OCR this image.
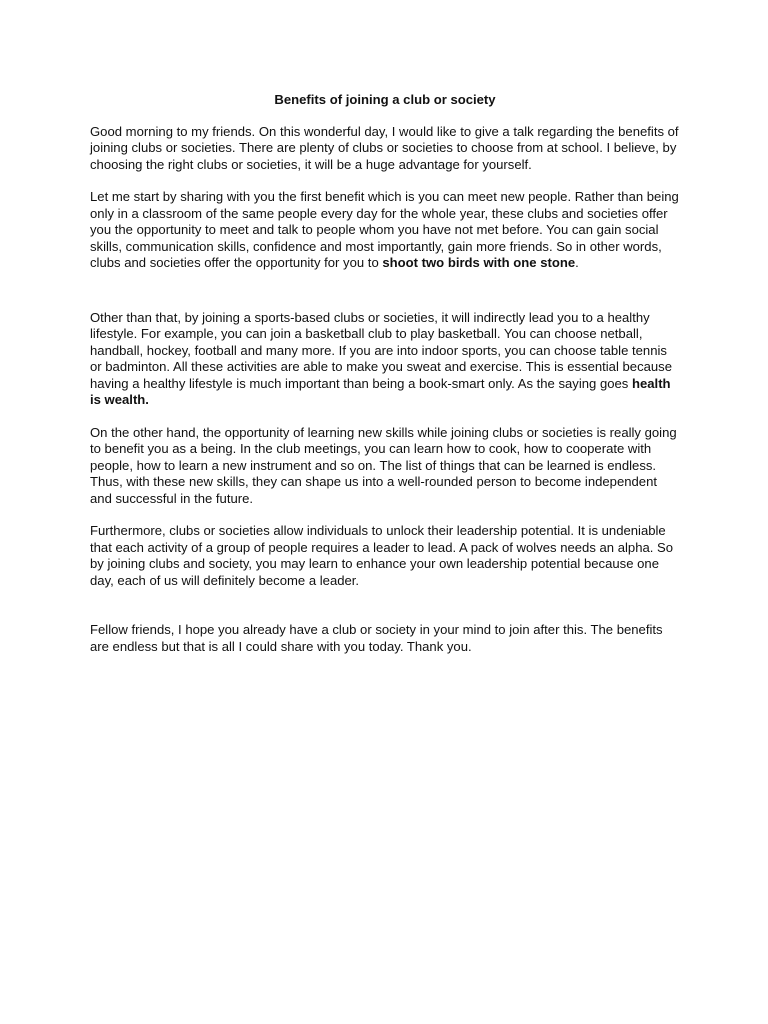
Benefits of joining a club or society

Good morning to my friends. On this wonderful day, I would like to give a talk regarding the benefits of joining clubs or societies. There are plenty of clubs or societies to choose from at school. I believe, by choosing the right clubs or societies, it will be a huge advantage for yourself.

Let me start by sharing with you the first benefit which is you can meet new people. Rather than being only in a classroom of the same people every day for the whole year, these clubs and societies offer you the opportunity to meet and talk to people whom you have not met before. You can gain social skills, communication skills, confidence and most importantly, gain more friends. So in other words, clubs and societies offer the opportunity for you to shoot two birds with one stone.

Other than that, by joining a sports-based clubs or societies, it will indirectly lead you to a healthy lifestyle. For example, you can join a basketball club to play basketball. You can choose netball, handball, hockey, football and many more. If you are into indoor sports, you can choose table tennis or badminton. All these activities are able to make you sweat and exercise. This is essential because having a healthy lifestyle is much important than being a book-smart only. As the saying goes health is wealth.

On the other hand, the opportunity of learning new skills while joining clubs or societies is really going to benefit you as a being. In the club meetings, you can learn how to cook, how to cooperate with people, how to learn a new instrument and so on. The list of things that can be learned is endless. Thus, with these new skills, they can shape us into a well-rounded person to become independent and successful in the future.

Furthermore, clubs or societies allow individuals to unlock their leadership potential. It is undeniable that each activity of a group of people requires a leader to lead. A pack of wolves needs an alpha. So by joining clubs and society, you may learn to enhance your own leadership potential because one day, each of us will definitely become a leader.

Fellow friends, I hope you already have a club or society in your mind to join after this. The benefits are endless but that is all I could share with you today. Thank you.
